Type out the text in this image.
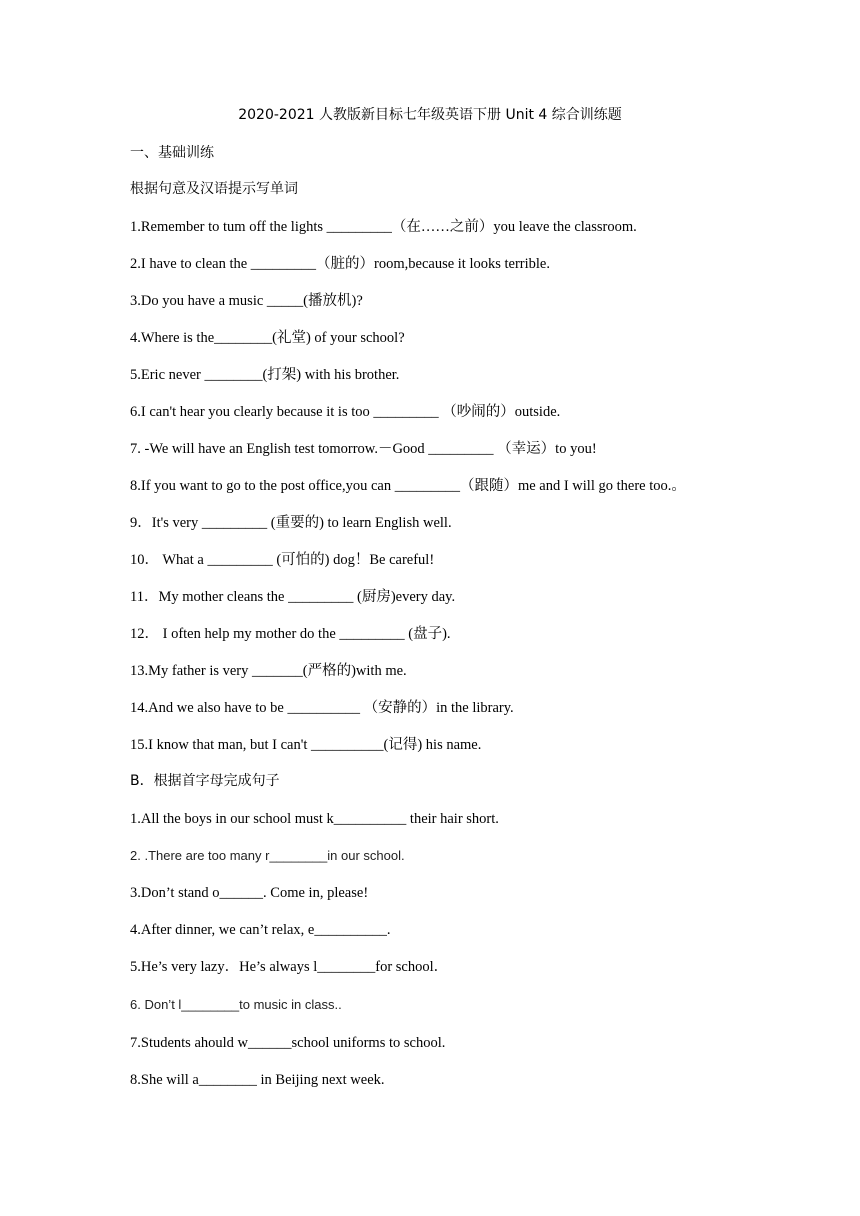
2020-2021 人教版新目标七年级英语下册 Unit 4 综合训练题
一、基础训练
根据句意及汉语提示写单词
1.Remember to tum off the lights _________（在……之前）you leave the classroom.
2.I have to clean the _________（脏的）room,because it looks terrible.
3.Do you have a music _____(播放机)?
4.Where is the________(礼堂) of your school?
5.Eric never ________(打架) with his brother.
6.I can't hear you clearly because it is too _________ （吵闹的）outside.
7. -We will have an English test tomorrow.－Good _________ （幸运）to you!
8.If you want to go to the post office,you can _________（跟随）me and I will go there too.。
9．It's very _________ (重要的) to learn English well.
10． What a _________ (可怕的) dog！Be careful!
11．My mother cleans the _________ (厨房)every day.
12． I often help my mother do the _________ (盘子).
13.My father is very _______(严格的)with me.
14.And we also have to be __________ （安静的）in the library.
15.I know that man, but I can't __________(记得) his name.
B．根据首字母完成句子
1.All the boys in our school must k__________ their hair short.
2. .There are too many r________in our school.
3.Don’t stand o______. Come in, please!
4.After dinner, we can’t relax, e__________.
5.He’s very lazy．He’s always l________for school．
6. Don’t l________to music in class..
7.Students ahould w______school uniforms to school.
8.She will a________ in Beijing next week.
